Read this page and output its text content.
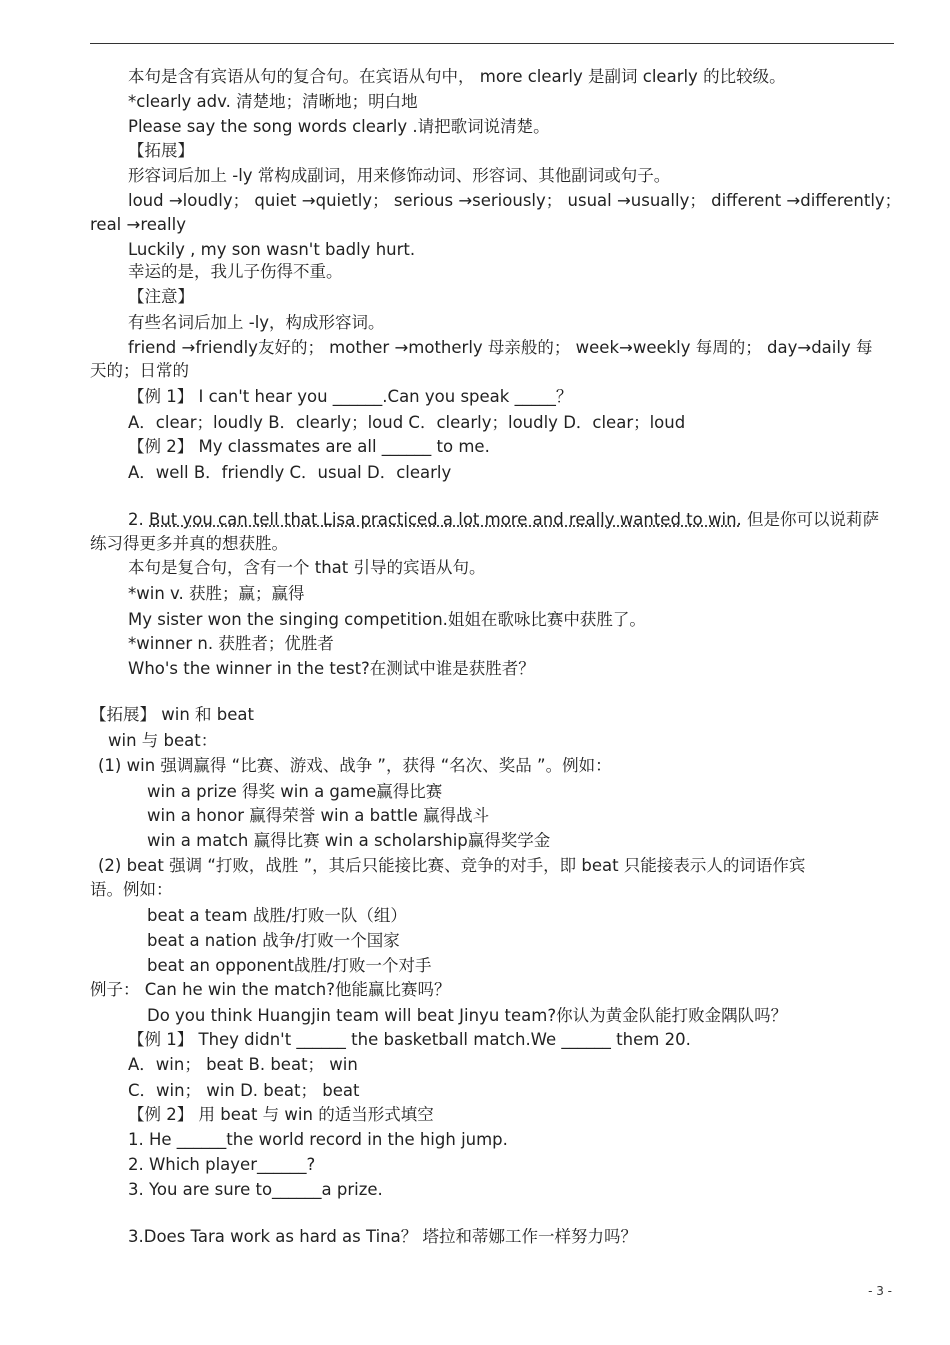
本句是含有宾语从句的复合句。在宾语从句中， more clearly 是副词 clearly 的比较级。
*clearly adv. 清楚地；清晰地；明白地
Please say the song words clearly .请把歌词说清楚。
【拓展】
形容词后加上 -ly 常构成副词，用来修饰动词、形容词、其他副词或句子。
loud →loudly； quiet →quietly； serious →seriously； usual →usually； different →differently；
real →really
Luckily , my son wasn't badly hurt.
幸运的是，我儿子伤得不重。
【注意】
有些名词后加上 -ly，构成形容词。
friend →friendly友好的； mother →motherly 母亲般的； week→weekly 每周的； day→daily 每
天的；日常的
【例 1】 I can't hear you ______.Can you speak _____？
A．clear；loudly B．clearly；loud C．clearly；loudly D．clear；loud
【例 2】 My classmates are all ______ to me.
A．well B．friendly C．usual D．clearly
2. But you can tell that Lisa practiced a lot more and really wanted to win. 但是你可以说莉萨
练习得更多并真的想获胜。
本句是复合句，含有一个 that 引导的宾语从句。
*win v. 获胜；赢；赢得
My sister won the singing competition.姐姐在歌咏比赛中获胜了。
*winner n. 获胜者；优胜者
Who's the winner in the test?在测试中谁是获胜者？
【拓展】 win 和 beat
win 与 beat：
(1) win 强调赢得 “比赛、游戏、战争 ”，获得 “名次、奖品 ”。例如：
win a prize 得奖 win a game赢得比赛
win a honor 赢得荣誉 win a battle 赢得战斗
win a match 赢得比赛 win a scholarship赢得奖学金
(2) beat 强调 “打败，战胜 ”，其后只能接比赛、竞争的对手，即 beat 只能接表示人的词语作宾
语。例如：
beat a team 战胜/打败一队（组）
beat a nation 战争/打败一个国家
beat an opponent战胜/打败一个对手
例子： Can he win the match?他能赢比赛吗？
Do you think Huangjin team will beat Jinyu team?你认为黄金队能打败金隅队吗？
【例 1】 They didn't ______ the basketball match.We ______ them 20.
A．win； beat B. beat； win
C．win； win D. beat； beat
【例 2】 用 beat 与 win 的适当形式填空
1. He ______the world record in the high jump.
2. Which player______?
3. You are sure to______a prize.
3.Does Tara work as hard as Tina？ 塔拉和蒂娜工作一样努力吗？
- 3 -
